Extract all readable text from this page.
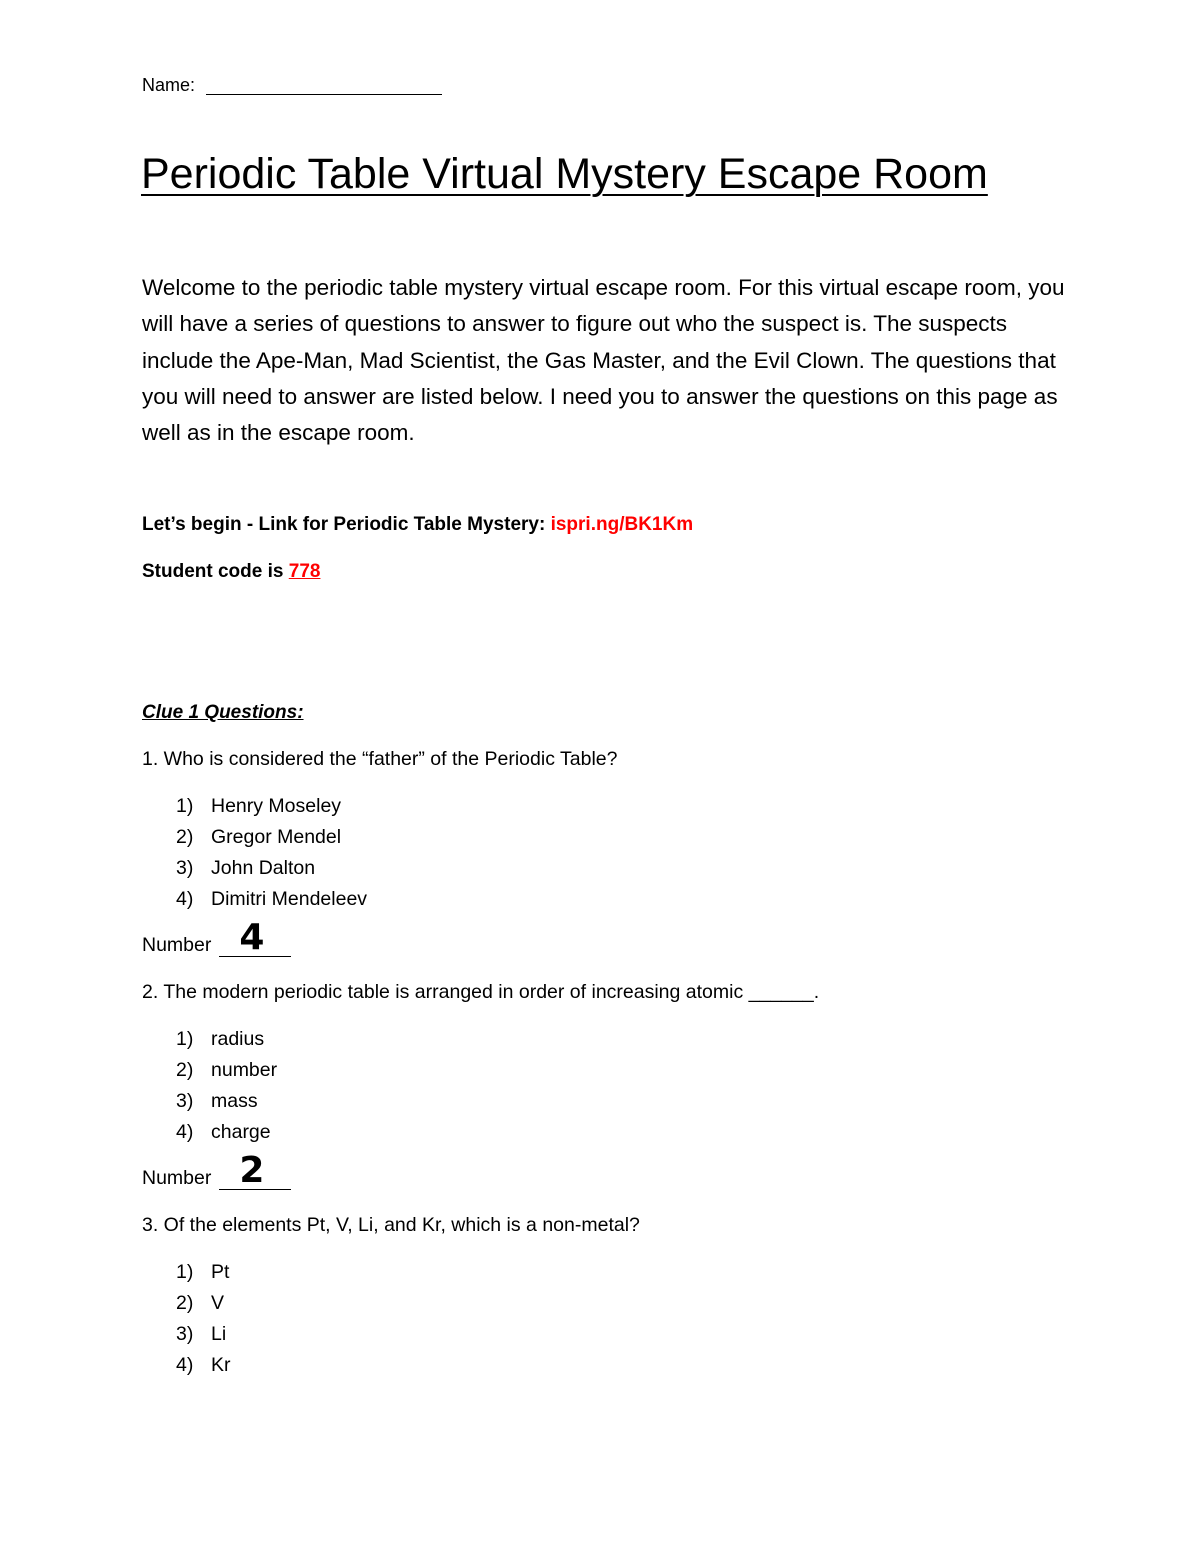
Name:
Periodic Table Virtual Mystery Escape Room

Welcome to the periodic table mystery virtual escape room. For this virtual escape room, you will have a series of questions to answer to figure out who the suspect is. The suspects include the Ape-Man, Mad Scientist, the Gas Master, and the Evil Clown. The questions that you will need to answer are listed below. I need you to answer the questions on this page as well as in the escape room.

Let’s begin - Link for Periodic Table Mystery: ispri.ng/BK1Km
Student code is 778
Clue 1 Questions:
1. Who is considered the “father” of the Periodic Table?
1) Henry Moseley
2) Gregor Mendel
3) John Dalton
4) Dimitri Mendeleev
Number 4
2. The modern periodic table is arranged in order of increasing atomic ______.
1) radius
2) number
3) mass
4) charge
Number 2
3. Of the elements Pt, V, Li, and Kr, which is a non-metal?
1) Pt
2) V
3) Li
4) Kr
